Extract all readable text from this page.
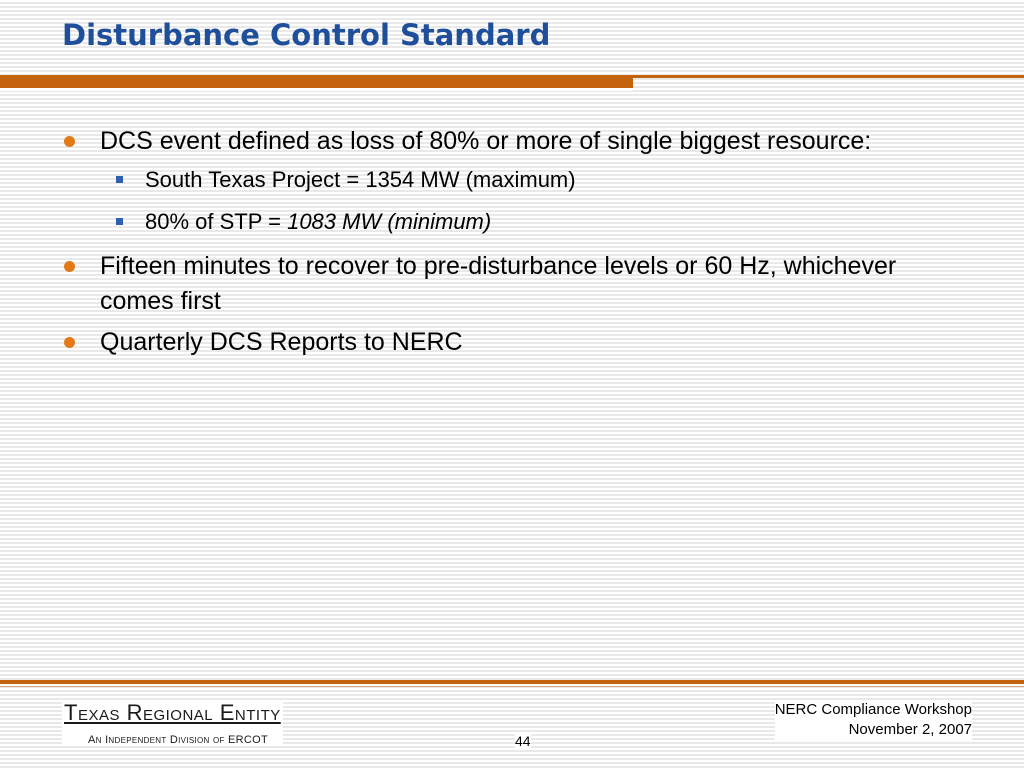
Disturbance Control Standard
DCS event defined as loss of 80% or more of single biggest resource:
South Texas Project = 1354 MW (maximum)
80% of STP = 1083 MW (minimum)
Fifteen minutes to recover to pre-disturbance levels or 60 Hz, whichever comes first
Quarterly DCS Reports to NERC
Texas Regional Entity
An Independent Division of ERCOT	44
NERC Compliance Workshop
November 2, 2007
